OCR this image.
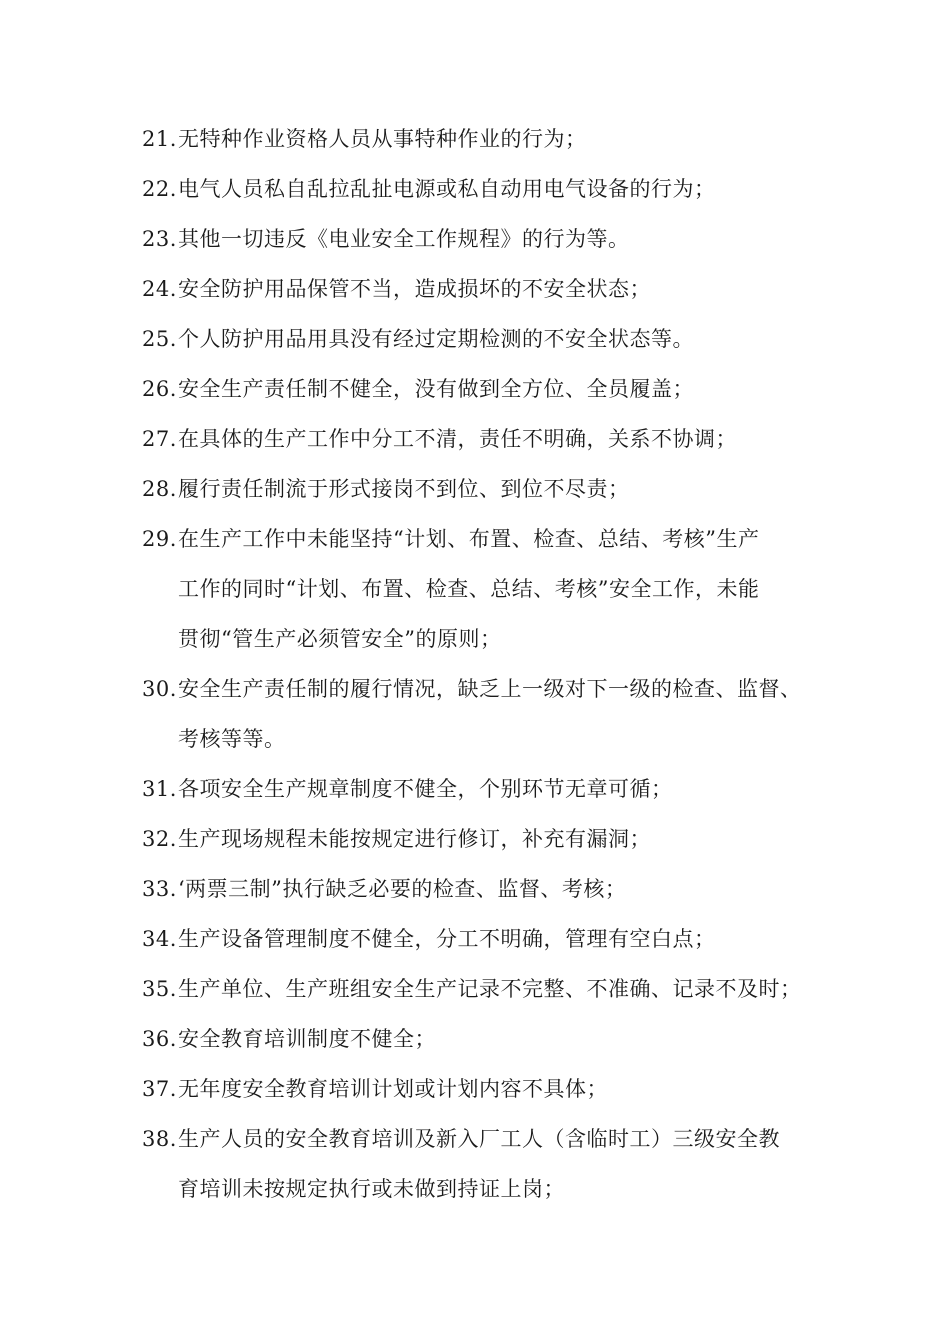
21. 无特种作业资格人员从事特种作业的行为；
22. 电气人员私自乱拉乱扯电源或私自动用电气设备的行为；
23. 其他一切违反《电业安全工作规程》的行为等。
24. 安全防护用品保管不当，造成损坏的不安全状态；
25. 个人防护用品用具没有经过定期检测的不安全状态等。
26. 安全生产责任制不健全，没有做到全方位、全员履盖；
27. 在具体的生产工作中分工不清，责任不明确，关系不协调；
28. 履行责任制流于形式接岗不到位、到位不尽责；
29. 在生产工作中未能坚持“计划、布置、检查、总结、考核”生产
工作的同时“计划、布置、检查、总结、考核”安全工作，未能
贯彻“管生产必须管安全”的原则；
30. 安全生产责任制的履行情况，缺乏上一级对下一级的检查、监督、
考核等等。
31. 各项安全生产规章制度不健全，个别环节无章可循；
32. 生产现场规程未能按规定进行修订，补充有漏洞；
33. ‘两票三制”执行缺乏必要的检查、监督、考核；
34. 生产设备管理制度不健全，分工不明确，管理有空白点；
35. 生产单位、生产班组安全生产记录不完整、不准确、记录不及时；
36. 安全教育培训制度不健全；
37. 无年度安全教育培训计划或计划内容不具体；
38. 生产人员的安全教育培训及新入厂工人（含临时工）三级安全教
育培训未按规定执行或未做到持证上岗；
